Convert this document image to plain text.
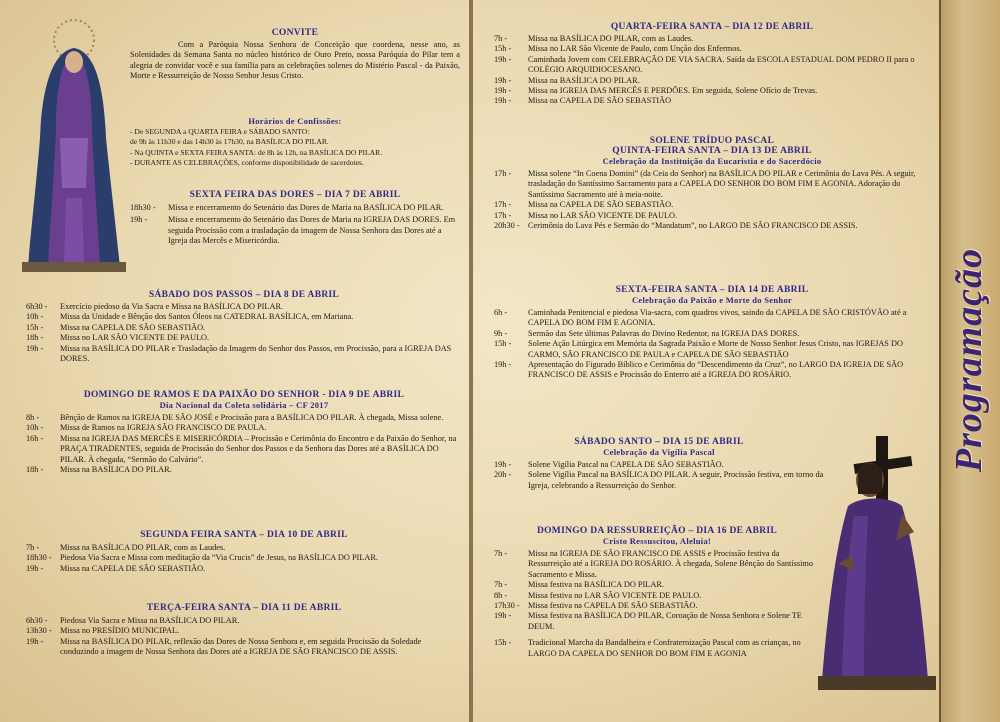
CONVITE
Com a Paróquia Nossa Senhora de Conceição que coordena, nesse ano, as Solenidades da Semana Santa no núcleo histórico de Ouro Preto, nossa Paróquia do Pilar tem a alegria de convidar você e sua família para as celebrações solenes do Mistério Pascal - da Paixão, Morte e Ressurreição de Nosso Senhor Jesus Cristo.
Horários de Confissões:
- De SEGUNDA a QUARTA FEIRA e SÁBADO SANTO:
de 9h às 11h30 e das 14h30 às 17h30, na BASÍLICA DO PILAR.
- Na QUINTA e SEXTA FEIRA SANTA: de 8h às 12h, na BASÍLICA DO PILAR.
- DURANTE AS CELEBRAÇÕES, conforme disponibilidade de sacerdotes.
SEXTA FEIRA DAS DORES – DIA 7 DE ABRIL
18h30 -	Missa e encerramento do Setenário das Dores de Maria na BASÍLICA DO PILAR.
19h -	Missa e encerramento do Setenário das Dores de Maria na IGREJA DAS DORES. Em seguida Procissão com a trasladação da imagem de Nossa Senhora das Dores até a Igreja das Mercês e Misericórdia.
SÁBADO DOS PASSOS – DIA 8 DE ABRIL
6h30 -	Exercício piedoso da Via Sacra e Missa na BASÍLICA DO PILAR.
10h -	Missa da Unidade e Bênção dos Santos Óleos na CATEDRAL BASÍLICA, em Mariana.
15h -	Missa na CAPELA DE SÃO SEBASTIÃO.
18h -	Missa no LAR SÃO VICENTE DE PAULO.
19h -	Missa na BASÍLICA DO PILAR e Trasladação da Imagem do Senhor dos Passos, em Procissão, para a IGREJA DAS DORES.
DOMINGO DE RAMOS E DA PAIXÃO DO SENHOR - DIA 9 DE ABRIL
Dia Nacional da Coleta solidária – CF 2017
8h -	Bênção de Ramos na IGREJA DE SÃO JOSÉ e Procissão para a BASÍLICA DO PILAR. À chegada, Missa solene.
10h -	Missa de Ramos na IGREJA SÃO FRANCISCO DE PAULA.
16h -	Missa na IGREJA DAS MERCÊS E MISERICÓRDIA – Procissão e Cerimônia do Encontro e da Paixão do Senhor, na PRAÇA TIRADENTES, seguida de Procissão do Senhor dos Passos e da Senhora das Dores até a BASÍLICA DO PILAR. À chegada, “Sermão do Calvário”.
18h -	Missa na BASÍLICA DO PILAR.
SEGUNDA FEIRA SANTA – DIA 10 DE ABRIL
7h -	Missa na BASÍLICA DO PILAR, com as Laudes.
18h30 -	Piedosa Via Sacra e Missa com meditação da “Via Crucis” de Jesus, na BASÍLICA DO PILAR.
19h -	Missa na CAPELA DE SÃO SEBASTIÃO.
TERÇA-FEIRA SANTA – DIA 11 DE ABRIL
6h30 -	Piedosa Via Sacra e Missa na BASÍLICA DO PILAR.
13h30 -	Missa no PRESÍDIO MUNICIPAL.
19h -	Missa na BASÍLICA DO PILAR, reflexão das Dores de Nossa Senhora e, em seguida Procissão da Soledade conduzindo a imagem de Nossa Senhora das Dores até a IGREJA DE SÃO FRANCISCO DE ASSIS.
QUARTA-FEIRA SANTA – DIA 12 DE ABRIL
7h -	Missa na BASÍLICA DO PILAR, com as Laudes.
15h -	Missa no LAR São Vicente de Paulo, com Unção dos Enfermos.
19h -	Caminhada Jovem com CELEBRAÇÃO DE VIA SACRA. Saída da ESCOLA ESTADUAL DOM PEDRO II para o COLÉGIO ARQUIDIOCESANO.
19h -	Missa na BASÍLICA DO PILAR.
19h -	Missa na IGREJA DAS MERCÊS E PERDÕES. Em seguida, Solene Ofício de Trevas.
19h -	Missa na CAPELA DE SÃO SEBASTIÃO
SOLENE TRÍDUO PASCAL
QUINTA-FEIRA SANTA – DIA 13 DE ABRIL
Celebração da Instituição da Eucaristia e do Sacerdócio
17h -	Missa solene “In Coena Domini” (da Ceia do Senhor) na BASÍLICA DO PILAR e Cerimônia do Lava Pés. A seguir, trasladação do Santíssimo Sacramento para a CAPELA DO SENHOR DO BOM FIM E AGONIA. Adoração do Santíssimo Sacramento até à meia-noite.
17h -	Missa na CAPELA DE SÃO SEBASTIÃO.
17h -	Missa no LAR SÃO VICENTE DE PAULO.
20h30 -	Cerimônia do Lava Pés e Sermão do “Mandatum”, no LARGO DE SÃO FRANCISCO DE ASSIS.
SEXTA-FEIRA SANTA – DIA 14 DE ABRIL
Celebração da Paixão e Morte do Senhor
6h -	Caminhada Penitencial e piedosa Via-sacra, com quadros vivos, saindo da CAPELA DE SÃO CRISTÓVÃO até a CAPELA DO BOM FIM E AGONIA.
9h -	Sermão das Sete últimas Palavras do Divino Redentor, na IGREJA DAS DORES.
15h -	Solene Ação Litúrgica em Memória da Sagrada Paixão e Morte de Nosso Senhor Jesus Cristo, nas IGREJAS DO CARMO, SÃO FRANCISCO DE PAULA e CAPELA DE SÃO SEBASTIÃO
19h -	Apresentação do Figurado Bíblico e Cerimônia do “Descendimento da Cruz”, no LARGO DA IGREJA DE SÃO FRANCISCO DE ASSIS e Procissão do Enterro até a IGREJA DO ROSÁRIO.
SÁBADO SANTO – DIA 15 DE ABRIL
Celebração da Vigília Pascal
19h -	Solene Vigília Pascal na CAPELA DE SÃO SEBASTIÃO.
20h -	Solene Vigília Pascal na BASÍLICA DO PILAR. A seguir, Procissão festiva, em torno da Igreja, celebrando a Ressurreição do Senhor.
DOMINGO DA RESSURREIÇÃO – DIA 16 DE ABRIL
Cristo Ressuscitou, Aleluia!
7h -	Missa na IGREJA DE SÃO FRANCISCO DE ASSIS e Procissão festiva da Ressurreição até a IGREJA DO ROSÁRIO. À chegada, Solene Bênção do Santíssimo Sacramento e Missa.
7h -	Missa festiva na BASÍLICA DO PILAR.
8h -	Missa festiva no LAR SÃO VICENTE DE PAULO.
17h30 -	Missa festiva na CAPELA DE SÃO SEBASTIÃO.
19h -	Missa festiva na BASÍLICA DO PILAR, Coroação de Nossa Senhora e Solene TE DEUM.
15h -	Tradicional Marcha da Bandalheira e Confraternização Pascal com as crianças, no LARGO DA CAPELA DO SENHOR DO BOM FIM E AGONIA
Programação
